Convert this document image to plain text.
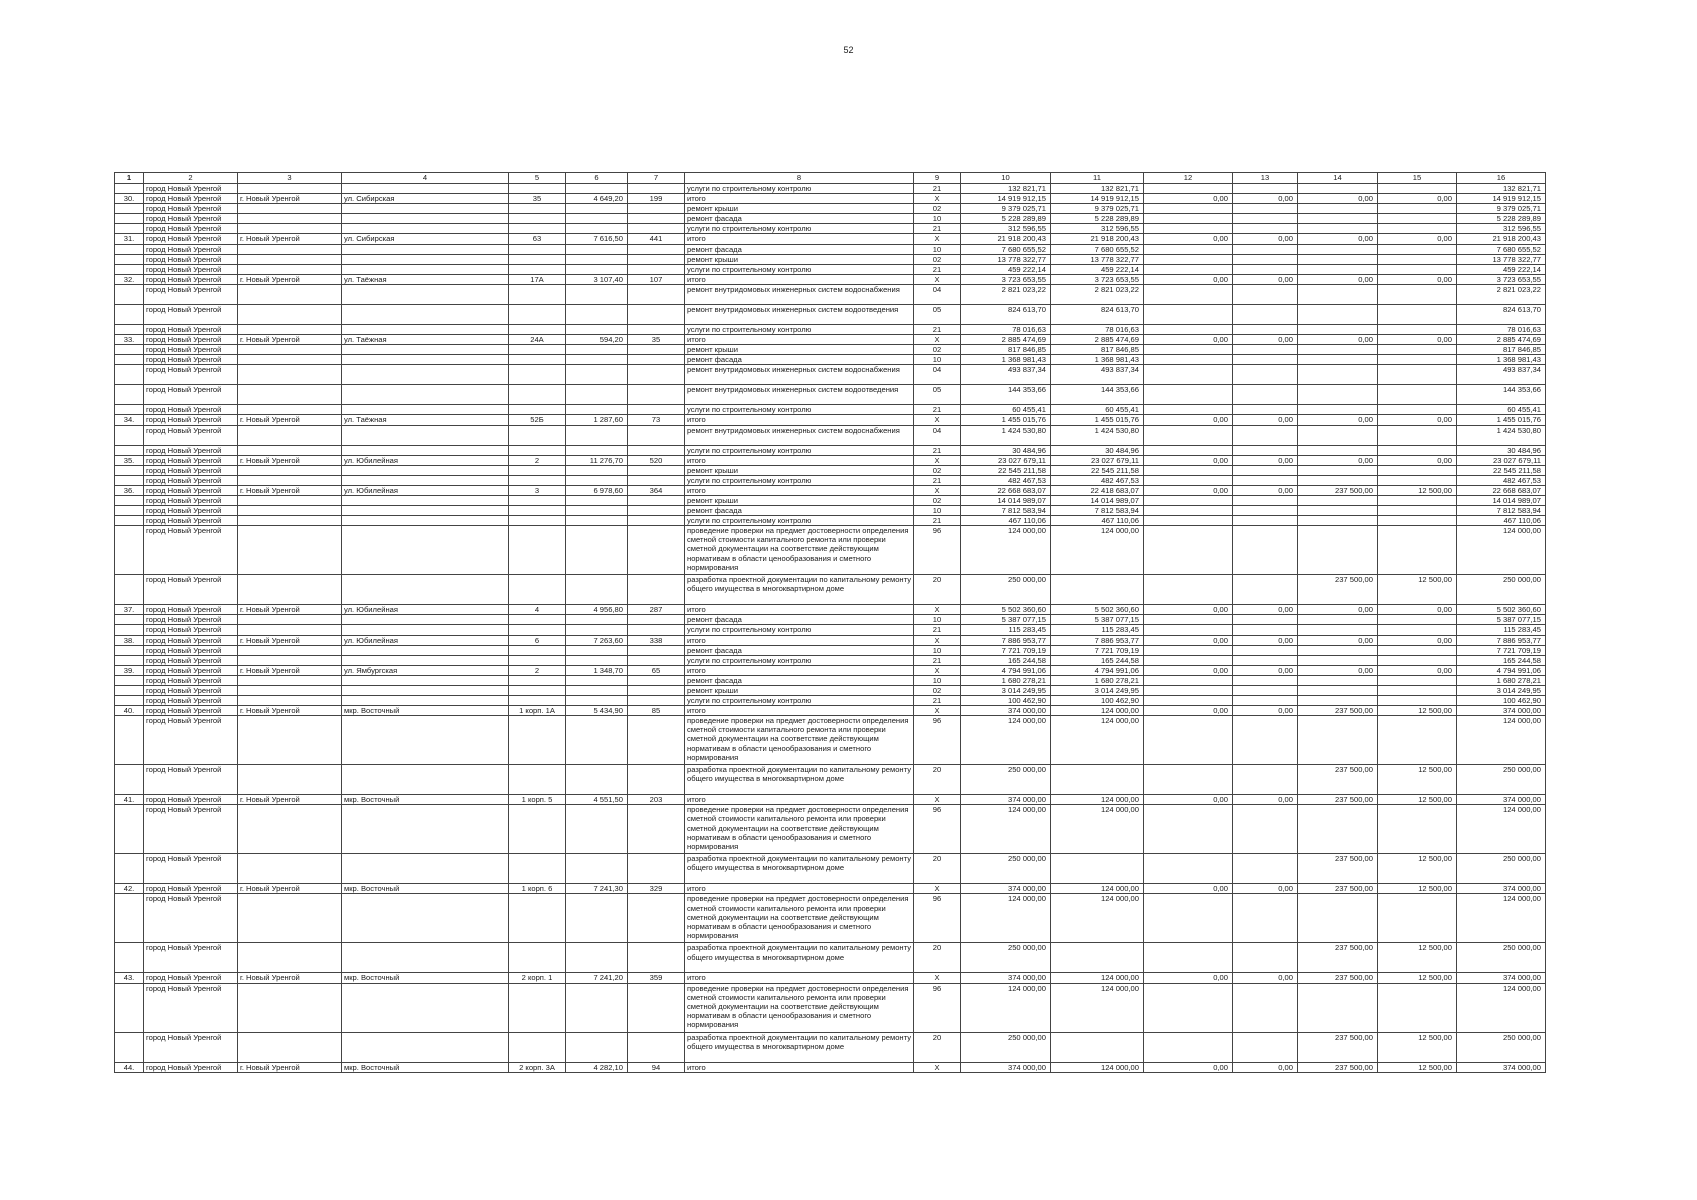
52
1	2	3	4	5	6	7	8	9	10	11	12	13	14	15	16
	город Новый Уренгой						услуги по строительному контролю	21	132 821,71	132 821,71					132 821,71
30.	город Новый Уренгой	г. Новый Уренгой	ул. Сибирская	35	4 649,20	199	итого	X	14 919 912,15	14 919 912,15	0,00	0,00	0,00	0,00	14 919 912,15
	город Новый Уренгой						ремонт крыши	02	9 379 025,71	9 379 025,71					9 379 025,71
	город Новый Уренгой						ремонт фасада	10	5 228 289,89	5 228 289,89					5 228 289,89
	город Новый Уренгой						услуги по строительному контролю	21	312 596,55	312 596,55					312 596,55
31.	город Новый Уренгой	г. Новый Уренгой	ул. Сибирская	63	7 616,50	441	итого	X	21 918 200,43	21 918 200,43	0,00	0,00	0,00	0,00	21 918 200,43
	город Новый Уренгой						ремонт фасада	10	7 680 655,52	7 680 655,52					7 680 655,52
	город Новый Уренгой						ремонт крыши	02	13 778 322,77	13 778 322,77					13 778 322,77
	город Новый Уренгой						услуги по строительному контролю	21	459 222,14	459 222,14					459 222,14
32.	город Новый Уренгой	г. Новый Уренгой	ул. Таёжная	17А	3 107,40	107	итого	X	3 723 653,55	3 723 653,55	0,00	0,00	0,00	0,00	3 723 653,55
	город Новый Уренгой						ремонт внутридомовых инженерных систем водоснабжения	04	2 821 023,22	2 821 023,22					2 821 023,22
	город Новый Уренгой						ремонт внутридомовых инженерных систем водоотведения	05	824 613,70	824 613,70					824 613,70
	город Новый Уренгой						услуги по строительному контролю	21	78 016,63	78 016,63					78 016,63
33.	город Новый Уренгой	г. Новый Уренгой	ул. Таёжная	24А	594,20	35	итого	X	2 885 474,69	2 885 474,69	0,00	0,00	0,00	0,00	2 885 474,69
	город Новый Уренгой						ремонт крыши	02	817 846,85	817 846,85					817 846,85
	город Новый Уренгой						ремонт фасада	10	1 368 981,43	1 368 981,43					1 368 981,43
	город Новый Уренгой						ремонт внутридомовых инженерных систем водоснабжения	04	493 837,34	493 837,34					493 837,34
	город Новый Уренгой						ремонт внутридомовых инженерных систем водоотведения	05	144 353,66	144 353,66					144 353,66
	город Новый Уренгой						услуги по строительному контролю	21	60 455,41	60 455,41					60 455,41
34.	город Новый Уренгой	г. Новый Уренгой	ул. Таёжная	52Б	1 287,60	73	итого	X	1 455 015,76	1 455 015,76	0,00	0,00	0,00	0,00	1 455 015,76
	город Новый Уренгой						ремонт внутридомовых инженерных систем водоснабжения	04	1 424 530,80	1 424 530,80					1 424 530,80
	город Новый Уренгой						услуги по строительному контролю	21	30 484,96	30 484,96					30 484,96
35.	город Новый Уренгой	г. Новый Уренгой	ул. Юбилейная	2	11 276,70	520	итого	X	23 027 679,11	23 027 679,11	0,00	0,00	0,00	0,00	23 027 679,11
	город Новый Уренгой						ремонт крыши	02	22 545 211,58	22 545 211,58					22 545 211,58
	город Новый Уренгой						услуги по строительному контролю	21	482 467,53	482 467,53					482 467,53
36.	город Новый Уренгой	г. Новый Уренгой	ул. Юбилейная	3	6 978,60	364	итого	X	22 668 683,07	22 418 683,07	0,00	0,00	237 500,00	12 500,00	22 668 683,07
	город Новый Уренгой						ремонт крыши	02	14 014 989,07	14 014 989,07					14 014 989,07
	город Новый Уренгой						ремонт фасада	10	7 812 583,94	7 812 583,94					7 812 583,94
	город Новый Уренгой						услуги по строительному контролю	21	467 110,06	467 110,06					467 110,06
	город Новый Уренгой						проведение проверки на предмет достоверности определения сметной стоимости капитального ремонта или проверки сметной документации на соответствие действующим нормативам в области ценообразования и сметного нормирования	96	124 000,00	124 000,00					124 000,00
	город Новый Уренгой						разработка проектной документации по капитальному ремонту общего имущества в многоквартирном доме	20	250 000,00				237 500,00	12 500,00	250 000,00
37.	город Новый Уренгой	г. Новый Уренгой	ул. Юбилейная	4	4 956,80	287	итого	X	5 502 360,60	5 502 360,60	0,00	0,00	0,00	0,00	5 502 360,60
	город Новый Уренгой						ремонт фасада	10	5 387 077,15	5 387 077,15					5 387 077,15
	город Новый Уренгой						услуги по строительному контролю	21	115 283,45	115 283,45					115 283,45
38.	город Новый Уренгой	г. Новый Уренгой	ул. Юбилейная	6	7 263,60	338	итого	X	7 886 953,77	7 886 953,77	0,00	0,00	0,00	0,00	7 886 953,77
	город Новый Уренгой						ремонт фасада	10	7 721 709,19	7 721 709,19					7 721 709,19
	город Новый Уренгой						услуги по строительному контролю	21	165 244,58	165 244,58					165 244,58
39.	город Новый Уренгой	г. Новый Уренгой	ул. Ямбургская	2	1 348,70	65	итого	X	4 794 991,06	4 794 991,06	0,00	0,00	0,00	0,00	4 794 991,06
	город Новый Уренгой						ремонт фасада	10	1 680 278,21	1 680 278,21					1 680 278,21
	город Новый Уренгой						ремонт крыши	02	3 014 249,95	3 014 249,95					3 014 249,95
	город Новый Уренгой						услуги по строительному контролю	21	100 462,90	100 462,90					100 462,90
40.	город Новый Уренгой	г. Новый Уренгой	мкр. Восточный	1 корп. 1А	5 434,90	85	итого	X	374 000,00	124 000,00	0,00	0,00	237 500,00	12 500,00	374 000,00
	город Новый Уренгой						проведение проверки на предмет достоверности определения сметной стоимости капитального ремонта или проверки сметной документации на соответствие действующим нормативам в области ценообразования и сметного нормирования	96	124 000,00	124 000,00					124 000,00
	город Новый Уренгой						разработка проектной документации по капитальному ремонту общего имущества в многоквартирном доме	20	250 000,00				237 500,00	12 500,00	250 000,00
41.	город Новый Уренгой	г. Новый Уренгой	мкр. Восточный	1 корп. 5	4 551,50	203	итого	X	374 000,00	124 000,00	0,00	0,00	237 500,00	12 500,00	374 000,00
	город Новый Уренгой						проведение проверки на предмет достоверности определения сметной стоимости капитального ремонта или проверки сметной документации на соответствие действующим нормативам в области ценообразования и сметного нормирования	96	124 000,00	124 000,00					124 000,00
	город Новый Уренгой						разработка проектной документации по капитальному ремонту общего имущества в многоквартирном доме	20	250 000,00				237 500,00	12 500,00	250 000,00
42.	город Новый Уренгой	г. Новый Уренгой	мкр. Восточный	1 корп. 6	7 241,30	329	итого	X	374 000,00	124 000,00	0,00	0,00	237 500,00	12 500,00	374 000,00
	город Новый Уренгой						проведение проверки на предмет достоверности определения сметной стоимости капитального ремонта или проверки сметной документации на соответствие действующим нормативам в области ценообразования и сметного нормирования	96	124 000,00	124 000,00					124 000,00
	город Новый Уренгой						разработка проектной документации по капитальному ремонту общего имущества в многоквартирном доме	20	250 000,00				237 500,00	12 500,00	250 000,00
43.	город Новый Уренгой	г. Новый Уренгой	мкр. Восточный	2 корп. 1	7 241,20	359	итого	X	374 000,00	124 000,00	0,00	0,00	237 500,00	12 500,00	374 000,00
	город Новый Уренгой						проведение проверки на предмет достоверности определения сметной стоимости капитального ремонта или проверки сметной документации на соответствие действующим нормативам в области ценообразования и сметного нормирования	96	124 000,00	124 000,00					124 000,00
	город Новый Уренгой						разработка проектной документации по капитальному ремонту общего имущества в многоквартирном доме	20	250 000,00				237 500,00	12 500,00	250 000,00
44.	город Новый Уренгой	г. Новый Уренгой	мкр. Восточный	2 корп. 3А	4 282,10	94	итого	X	374 000,00	124 000,00	0,00	0,00	237 500,00	12 500,00	374 000,00
